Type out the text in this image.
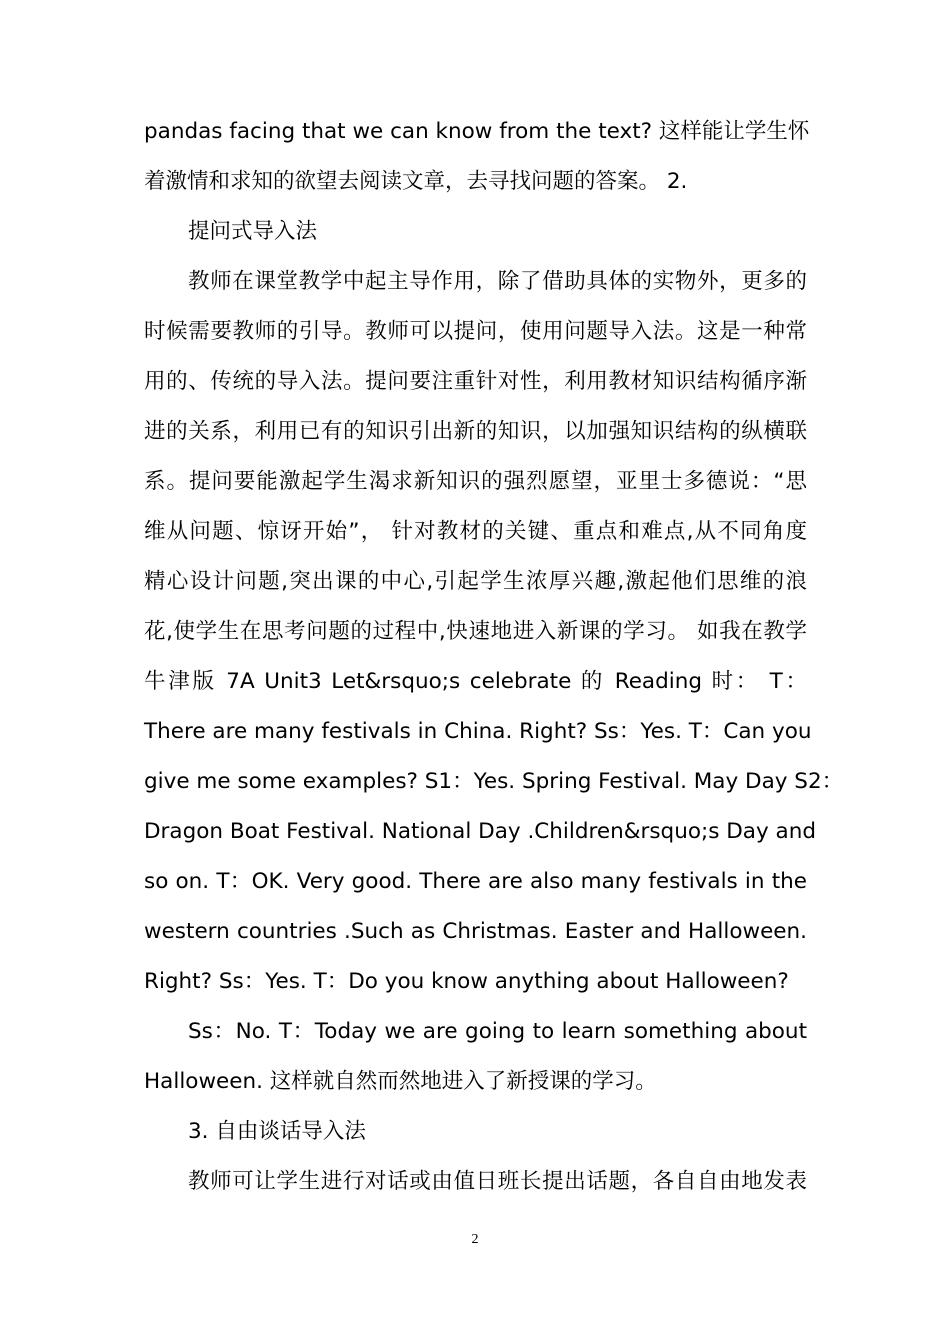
pandas facing that we can know from the text? 这样能让学生怀
着激情和求知的欲望去阅读文章，去寻找问题的答案。 2.
提问式导入法
教师在课堂教学中起主导作用，除了借助具体的实物外，更多的
时候需要教师的引导。教师可以提问，使用问题导入法。这是一种常
用的、传统的导入法。提问要注重针对性，利用教材知识结构循序渐
进的关系，利用已有的知识引出新的知识，以加强知识结构的纵横联
系。提问要能激起学生渴求新知识的强烈愿望，亚里士多德说：“思
维从问题、惊讶开始”， 针对教材的关键、重点和难点,从不同角度
精心设计问题,突出课的中心,引起学生浓厚兴趣,激起他们思维的浪
花,使学生在思考问题的过程中,快速地进入新课的学习。 如我在教学
牛津版 7A Unit3 Let&rsquo;s celebrate 的 Reading 时： T：
There are many festivals in China. Right? Ss：Yes. T：Can you
give me some examples? S1：Yes. Spring Festival. May Day S2：
Dragon Boat Festival. National Day .Children&rsquo;s Day and
so on. T：OK. Very good. There are also many festivals in the
western countries .Such as Christmas. Easter and Halloween.
Right? Ss：Yes. T：Do you know anything about Halloween?
Ss：No. T：Today we are going to learn something about
Halloween. 这样就自然而然地进入了新授课的学习。
3. 自由谈话导入法
教师可让学生进行对话或由值日班长提出话题，各自自由地发表
2
